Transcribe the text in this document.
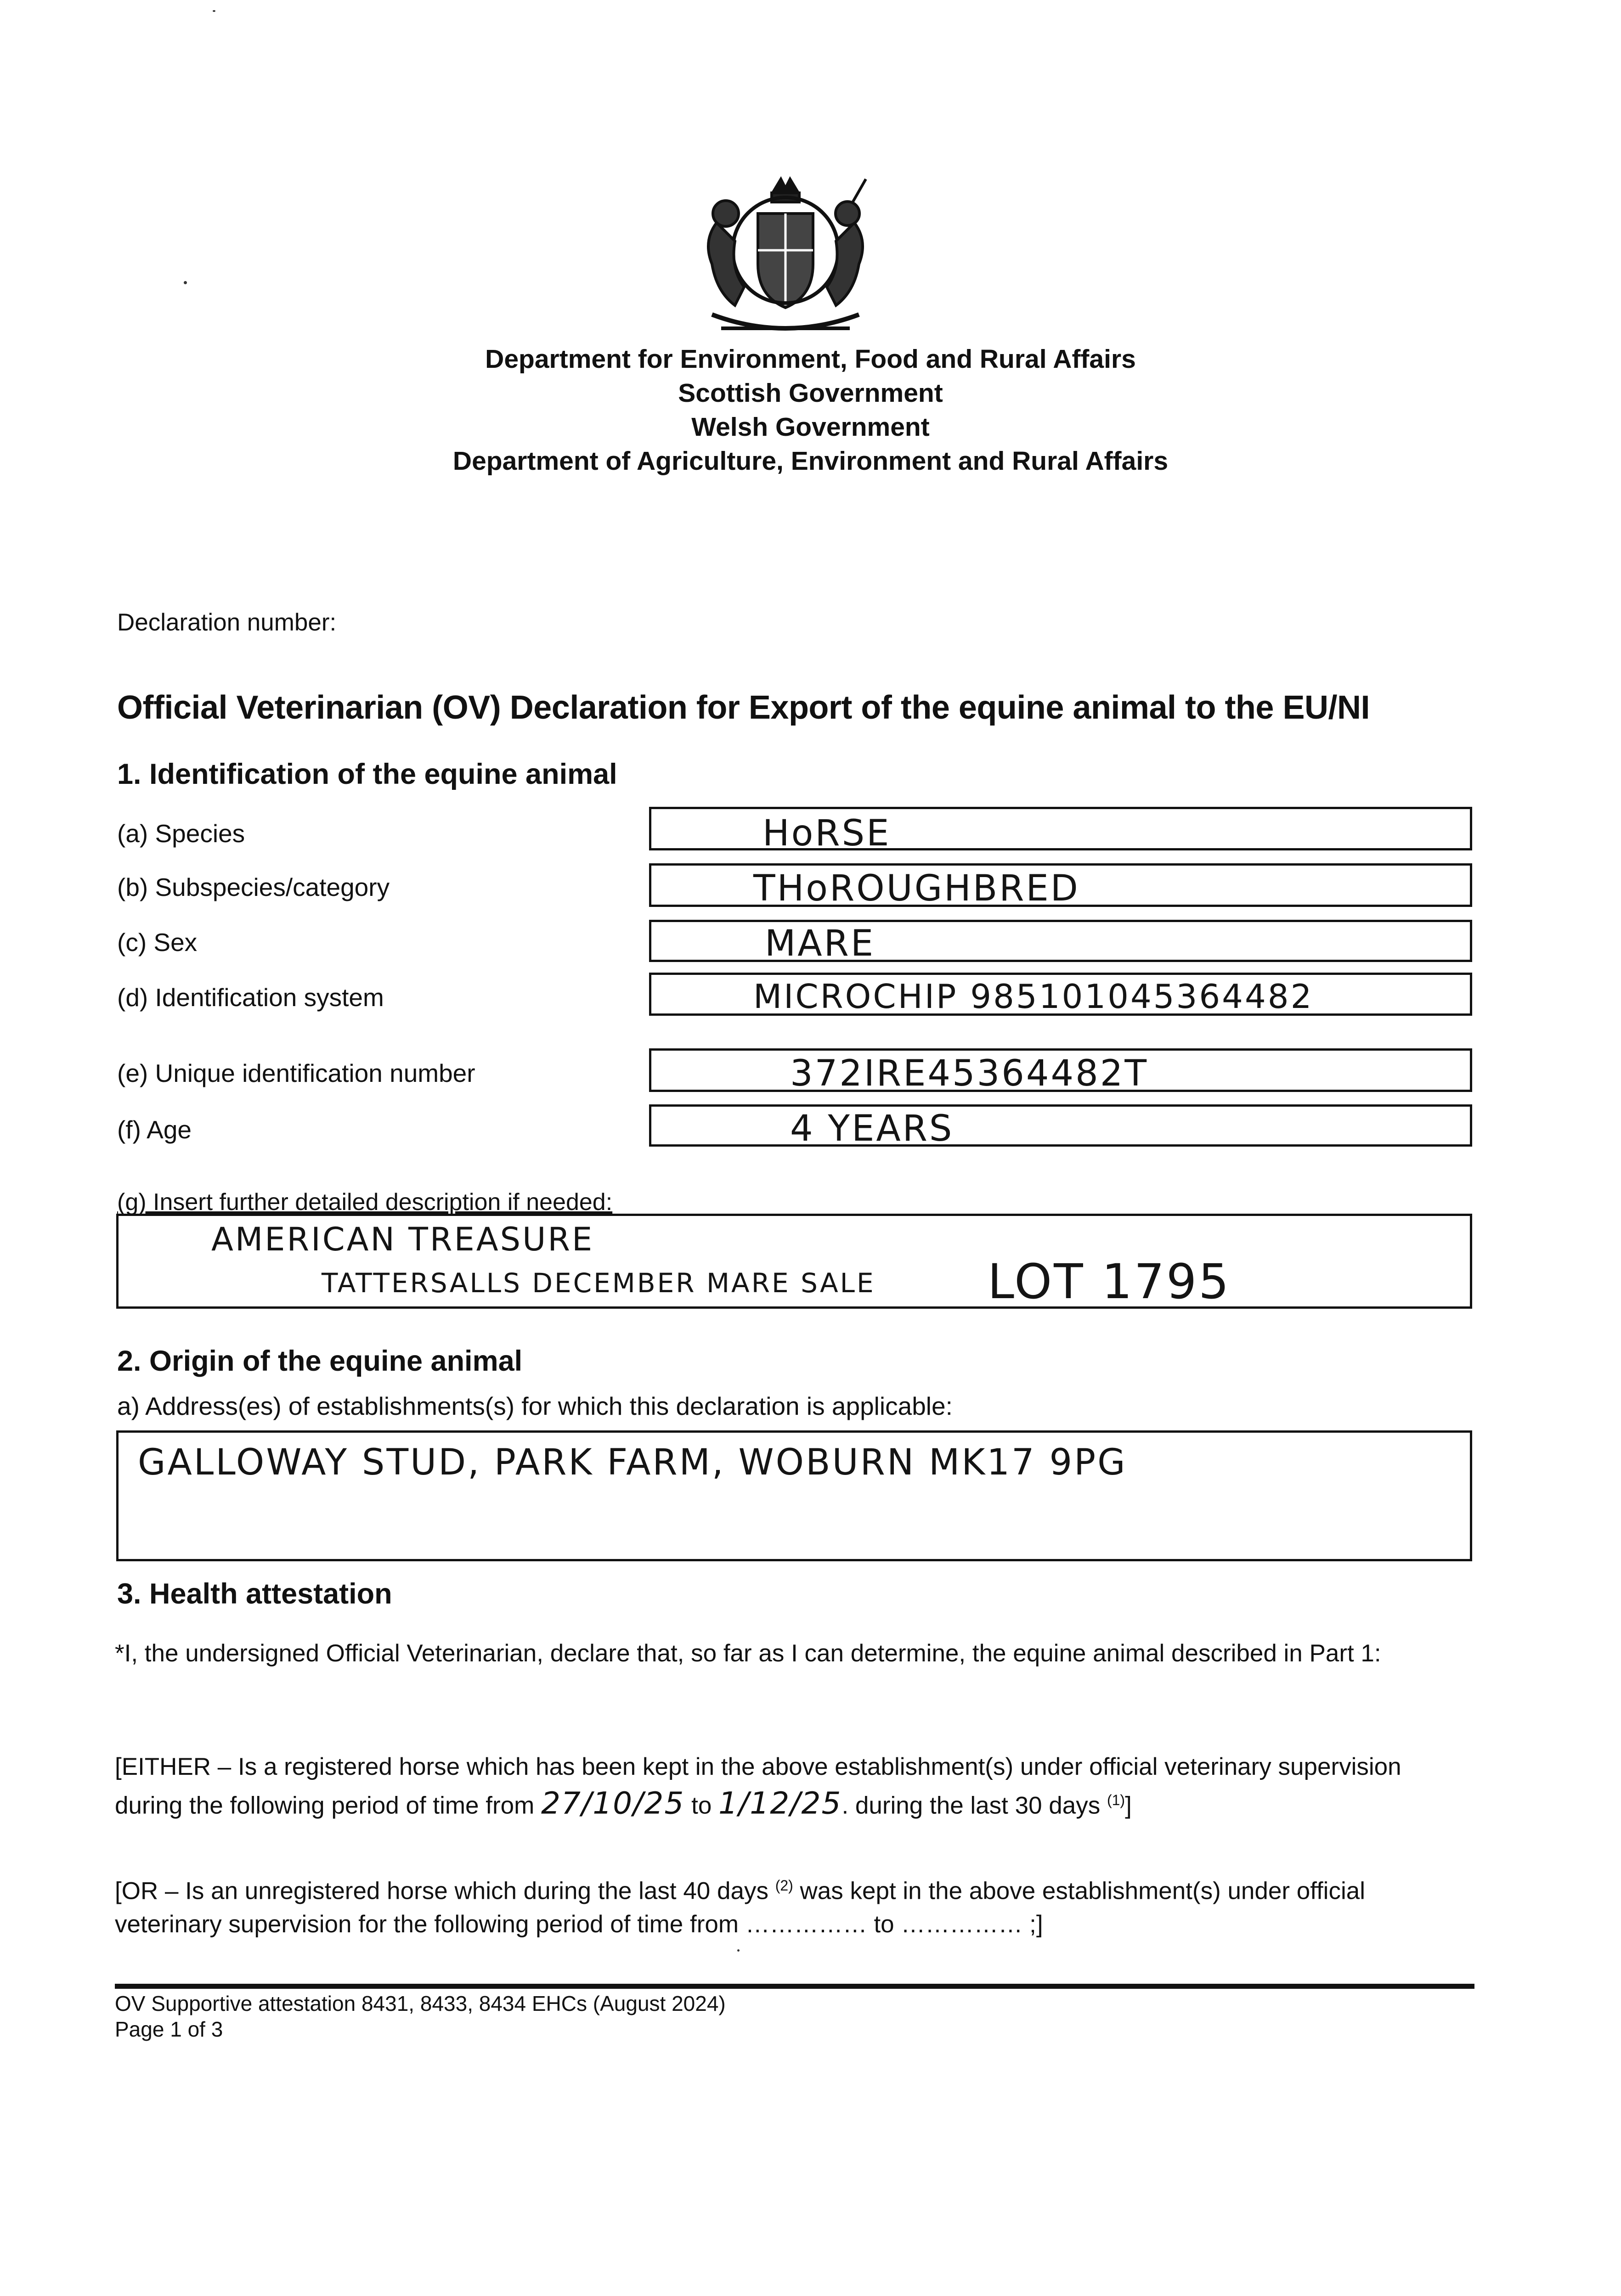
Department for Environment, Food and Rural Affairs
Scottish Government
Welsh Government
Department of Agriculture, Environment and Rural Affairs
Declaration number:
Official Veterinarian (OV) Declaration for Export of the equine animal to the EU/NI
1. Identification of the equine animal
(a) Species	HoRSE
(b) Subspecies/category	THoROUGHBRED
(c) Sex	MARE
(d) Identification system	MICROCHIP 985101045364482
(e) Unique identification number	372IRE45364482T
(f) Age	4 YEARS
(g) Insert further detailed description if needed:
AMERICAN TREASURE
TATTERSALLS DECEMBER MARE SALE LOT 1795
2. Origin of the equine animal
a) Address(es) of establishments(s) for which this declaration is applicable:
GALLOWAY STUD, PARK FARM, WOBURN MK17 9PG
3. Health attestation
*I, the undersigned Official Veterinarian, declare that, so far as I can determine, the equine animal described in Part 1:
[EITHER – Is a registered horse which has been kept in the above establishment(s) under official veterinary supervision during the following period of time from 27/10/25 to 1/12/25. during the last 30 days $^{(1)}$]
[OR – Is an unregistered horse which during the last 40 days $^{(2)}$ was kept in the above establishment(s) under official veterinary supervision for the following period of time from …………… to …………… ;]
OV Supportive attestation 8431, 8433, 8434 EHCs (August 2024)
Page 1 of 3
